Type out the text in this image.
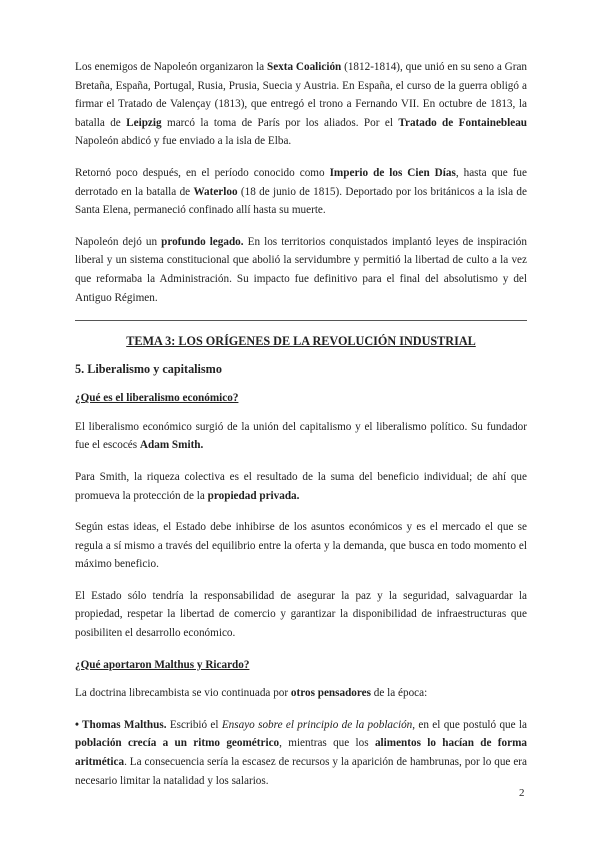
Los enemigos de Napoleón organizaron la Sexta Coalición (1812-1814), que unió en su seno a Gran Bretaña, España, Portugal, Rusia, Prusia, Suecia y Austria. En España, el curso de la guerra obligó a firmar el Tratado de Valençay (1813), que entregó el trono a Fernando VII. En octubre de 1813, la batalla de Leipzig marcó la toma de París por los aliados. Por el Tratado de Fontainebleau Napoleón abdicó y fue enviado a la isla de Elba.

Retornó poco después, en el período conocido como Imperio de los Cien Días, hasta que fue derrotado en la batalla de Waterloo (18 de junio de 1815). Deportado por los británicos a la isla de Santa Elena, permaneció confinado allí hasta su muerte.

Napoleón dejó un profundo legado. En los territorios conquistados implantó leyes de inspiración liberal y un sistema constitucional que abolió la servidumbre y permitió la libertad de culto a la vez que reformaba la Administración. Su impacto fue definitivo para el final del absolutismo y del Antiguo Régimen.

TEMA 3: LOS ORÍGENES DE LA REVOLUCIÓN INDUSTRIAL
5. Liberalismo y capitalismo

¿Qué es el liberalismo económico?

El liberalismo económico surgió de la unión del capitalismo y el liberalismo político. Su fundador fue el escocés Adam Smith.

Para Smith, la riqueza colectiva es el resultado de la suma del beneficio individual; de ahí que promueva la protección de la propiedad privada.

Según estas ideas, el Estado debe inhibirse de los asuntos económicos y es el mercado el que se regula a sí mismo a través del equilibrio entre la oferta y la demanda, que busca en todo momento el máximo beneficio.

El Estado sólo tendría la responsabilidad de asegurar la paz y la seguridad, salvaguardar la propiedad, respetar la libertad de comercio y garantizar la disponibilidad de infraestructuras que posibiliten el desarrollo económico.

¿Qué aportaron Malthus y Ricardo?

La doctrina librecambista se vio continuada por otros pensadores de la época:

• Thomas Malthus. Escribió el Ensayo sobre el principio de la población, en el que postuló que la población crecía a un ritmo geométrico, mientras que los alimentos lo hacían de forma aritmética. La consecuencia sería la escasez de recursos y la aparición de hambrunas, por lo que era necesario limitar la natalidad y los salarios.

2
